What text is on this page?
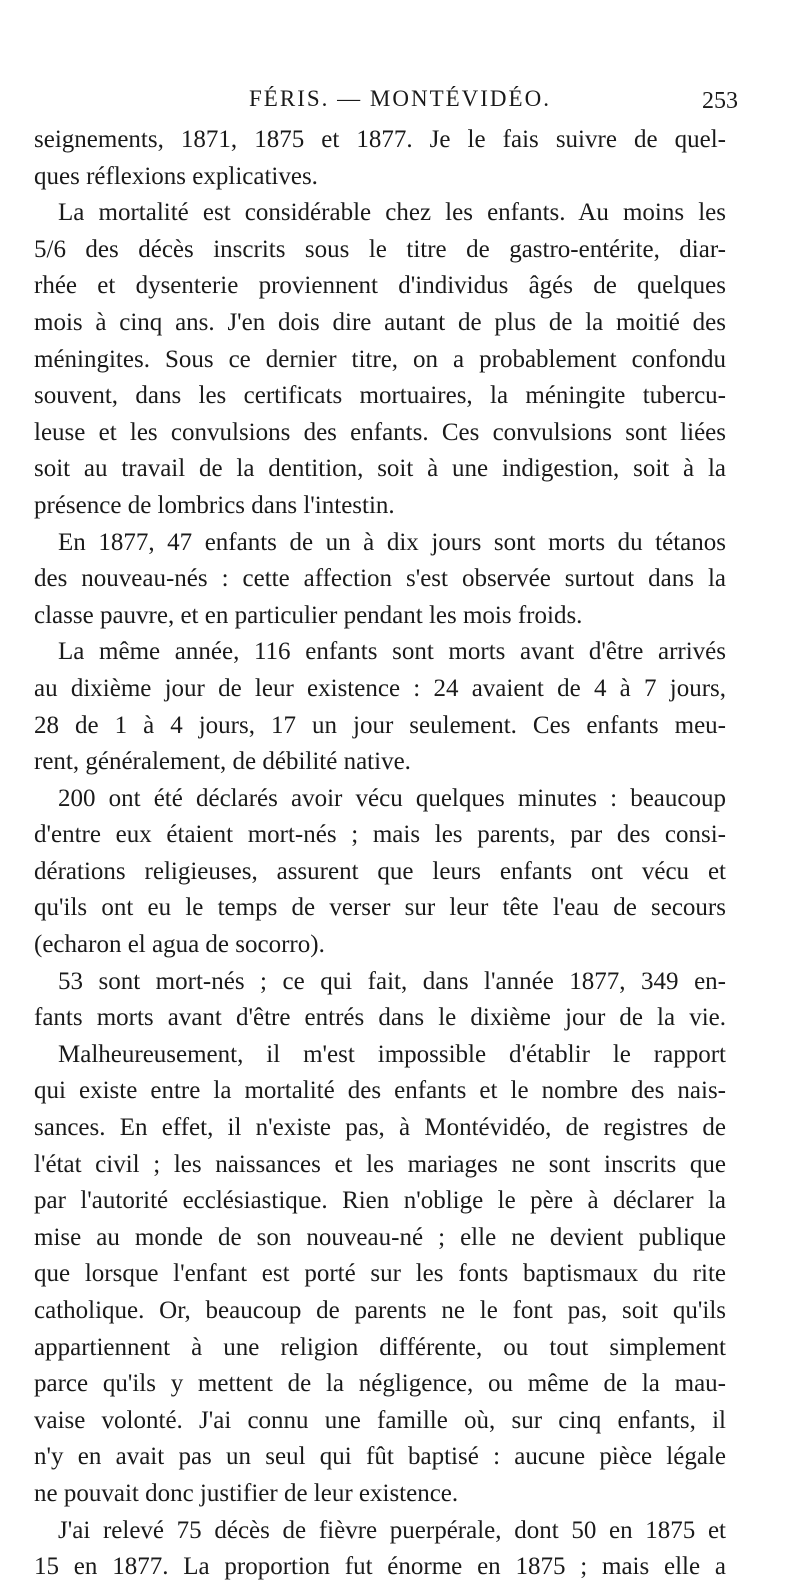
FÉRIS. — MONTÉVIDÉO.	253
seignements, 1871, 1875 et 1877. Je le fais suivre de quel-
ques réflexions explicatives.
La mortalité est considérable chez les enfants. Au moins les
5/6 des décès inscrits sous le titre de gastro-entérite, diar-
rhée et dysenterie proviennent d'individus âgés de quelques
mois à cinq ans. J'en dois dire autant de plus de la moitié des
méningites. Sous ce dernier titre, on a probablement confondu
souvent, dans les certificats mortuaires, la méningite tubercu-
leuse et les convulsions des enfants. Ces convulsions sont liées
soit au travail de la dentition, soit à une indigestion, soit à la
présence de lombrics dans l'intestin.
En 1877, 47 enfants de un à dix jours sont morts du tétanos
des nouveau-nés : cette affection s'est observée surtout dans la
classe pauvre, et en particulier pendant les mois froids.
La même année, 116 enfants sont morts avant d'être arrivés
au dixième jour de leur existence : 24 avaient de 4 à 7 jours,
28 de 1 à 4 jours, 17 un jour seulement. Ces enfants meu-
rent, généralement, de débilité native.
200 ont été déclarés avoir vécu quelques minutes : beaucoup
d'entre eux étaient mort-nés ; mais les parents, par des consi-
dérations religieuses, assurent que leurs enfants ont vécu et
qu'ils ont eu le temps de verser sur leur tête l'eau de secours
(echaron el agua de socorro).
53 sont mort-nés ; ce qui fait, dans l'année 1877, 349 en-
fants morts avant d'être entrés dans le dixième jour de la vie.
Malheureusement, il m'est impossible d'établir le rapport
qui existe entre la mortalité des enfants et le nombre des nais-
sances. En effet, il n'existe pas, à Montévidéo, de registres de
l'état civil ; les naissances et les mariages ne sont inscrits que
par l'autorité ecclésiastique. Rien n'oblige le père à déclarer la
mise au monde de son nouveau-né ; elle ne devient publique
que lorsque l'enfant est porté sur les fonts baptismaux du rite
catholique. Or, beaucoup de parents ne le font pas, soit qu'ils
appartiennent à une religion différente, ou tout simplement
parce qu'ils y mettent de la négligence, ou même de la mau-
vaise volonté. J'ai connu une famille où, sur cinq enfants, il
n'y en avait pas un seul qui fût baptisé : aucune pièce légale
ne pouvait donc justifier de leur existence.
J'ai relevé 75 décès de fièvre puerpérale, dont 50 en 1875 et
15 en 1877. La proportion fut énorme en 1875 ; mais elle a
